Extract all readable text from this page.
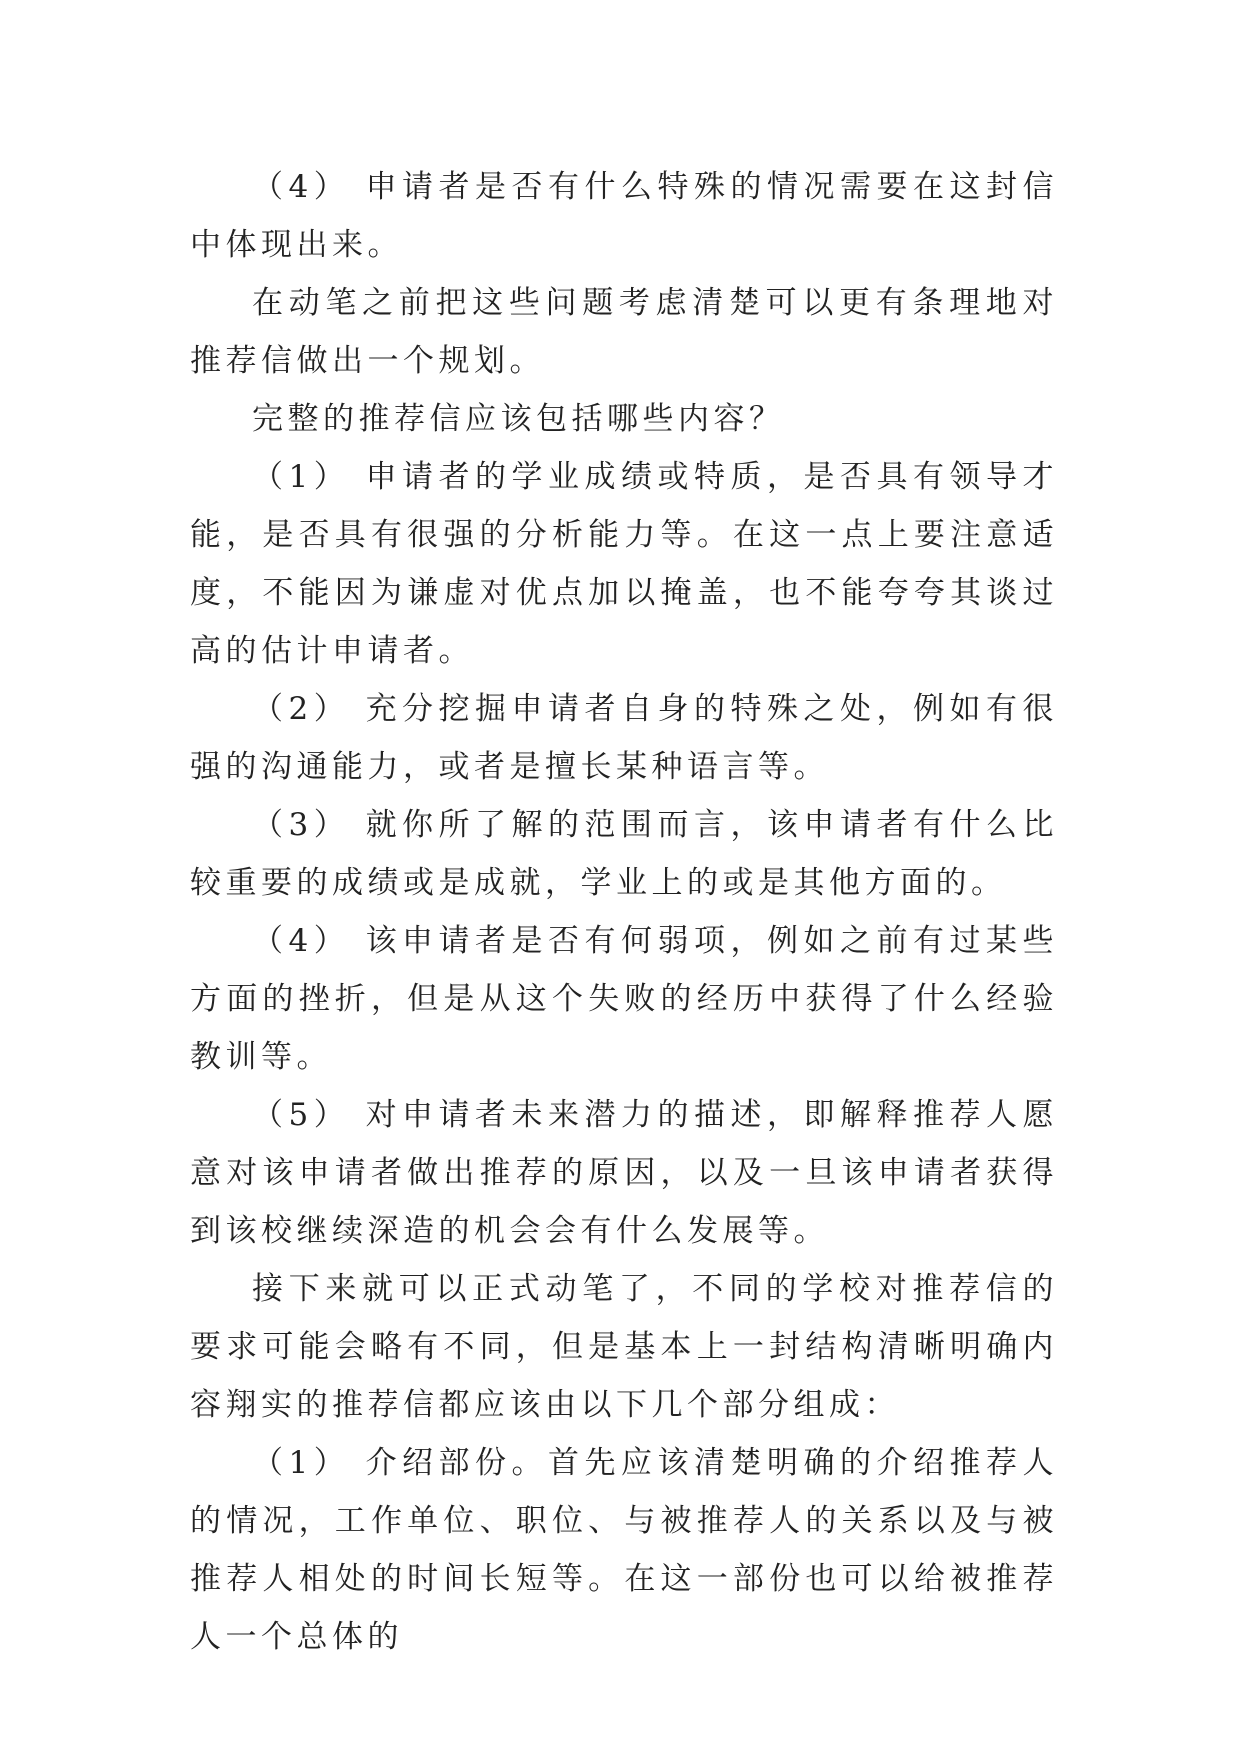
（4） 申请者是否有什么特殊的情况需要在这封信中体现出来。

在动笔之前把这些问题考虑清楚可以更有条理地对推荐信做出一个规划。

完整的推荐信应该包括哪些内容？

（1） 申请者的学业成绩或特质，是否具有领导才能，是否具有很强的分析能力等。在这一点上要注意适度，不能因为谦虚对优点加以掩盖，也不能夸夸其谈过高的估计申请者。

（2） 充分挖掘申请者自身的特殊之处，例如有很强的沟通能力，或者是擅长某种语言等。

（3） 就你所了解的范围而言，该申请者有什么比较重要的成绩或是成就，学业上的或是其他方面的。

（4） 该申请者是否有何弱项，例如之前有过某些方面的挫折，但是从这个失败的经历中获得了什么经验教训等。

（5） 对申请者未来潜力的描述，即解释推荐人愿意对该申请者做出推荐的原因，以及一旦该申请者获得到该校继续深造的机会会有什么发展等。

接下来就可以正式动笔了，不同的学校对推荐信的要求可能会略有不同，但是基本上一封结构清晰明确内容翔实的推荐信都应该由以下几个部分组成：

（1） 介绍部份。首先应该清楚明确的介绍推荐人的情况，工作单位、职位、与被推荐人的关系以及与被推荐人相处的时间长短等。在这一部份也可以给被推荐人一个总体的
